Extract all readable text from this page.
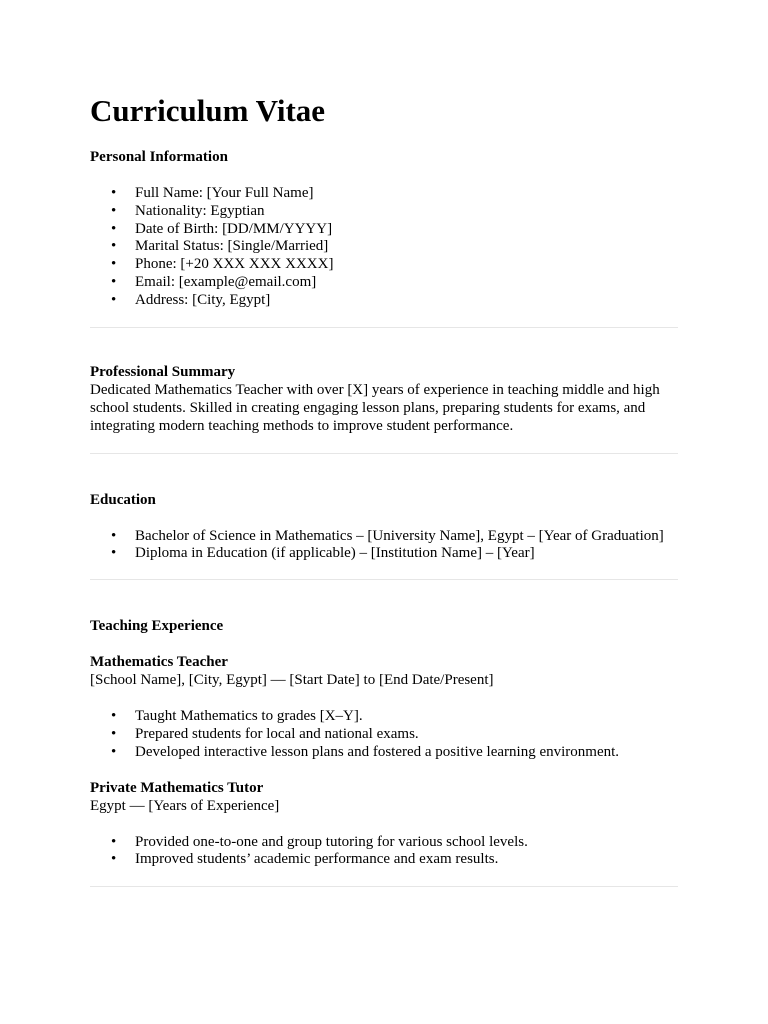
Curriculum Vitae
Personal Information
• Full Name: [Your Full Name]
• Nationality: Egyptian
• Date of Birth: [DD/MM/YYYY]
• Marital Status: [Single/Married]
• Phone: [+20 XXX XXX XXXX]
• Email: [example@email.com]
• Address: [City, Egypt]
Professional Summary

Dedicated Mathematics Teacher with over [X] years of experience in teaching middle and high school students. Skilled in creating engaging lesson plans, preparing students for exams, and integrating modern teaching methods to improve student performance.

Education
• Bachelor of Science in Mathematics – [University Name], Egypt – [Year of Graduation]
• Diploma in Education (if applicable) – [Institution Name] – [Year]
Teaching Experience
Mathematics Teacher
[School Name], [City, Egypt] — [Start Date] to [End Date/Present]
• Taught Mathematics to grades [X–Y].
• Prepared students for local and national exams.
• Developed interactive lesson plans and fostered a positive learning environment.
Private Mathematics Tutor
Egypt — [Years of Experience]
• Provided one-to-one and group tutoring for various school levels.
• Improved students’ academic performance and exam results.
